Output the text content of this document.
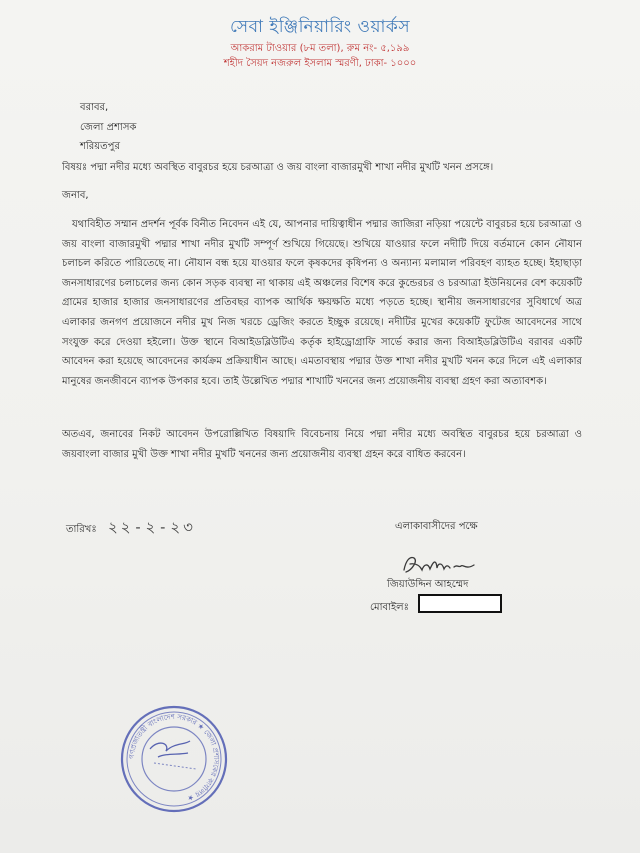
সেবা ইঞ্জিনিয়ারিং ওয়ার্কস
আকরাম টাওয়ার (৮ম তলা), রুম নং- ৫,১৯৯
শহীদ সৈয়দ নজরুল ইসলাম স্মরণী, ঢাকা- ১০০০
বরাবর,
জেলা প্রশাসক
শরিয়তপুর
বিষয়ঃ পদ্মা নদীর মধ্যে অবস্থিত বাবুরচর হয়ে চরআত্রা ও জয় বাংলা বাজারমুখী শাখা নদীর মুখটি খনন প্রসঙ্গে।
জনাব,
যথাবিহীত সম্মান প্রদর্শন পূর্বক বিনীত নিবেদন এই যে, আপনার দায়িত্বাধীন পদ্মার জাজিরা নড়িয়া পয়েন্টে বাবুরচর হয়ে চরআত্রা ও জয় বাংলা বাজারমুখী পদ্মার শাখা নদীর মুখটি সম্পূর্ণ শুখিয়ে গিয়েছে। শুখিয়ে যাওয়ার ফলে নদীটি দিয়ে বর্তমানে কোন নৌযান চলাচল করিতে পারিতেছে না। নৌযান বন্ধ হয়ে যাওয়ার ফলে কৃষকদের কৃষিপন্য ও অন্যান্য মলামাল পরিবহণ ব্যাহত হচ্ছে। ইহাছাড়া জনসাধারণের চলাচলের জন্য কোন সড়ক ব্যবস্থা না থাকায় এই অঞ্চলের বিশেষ করে কুন্ডেরচর ও চরআত্রা ইউনিয়নের বেশ কয়েকটি গ্রামের হাজার হাজার জনসাধারণের প্রতিবছর ব্যাপক আর্থিক ক্ষয়ক্ষতি মধ্যে পড়তে হচ্ছে। স্থানীয় জনসাধারণের সুবিধার্থে অত্র এলাকার জনগণ প্রয়োজনে নদীর মুখ নিজ খরচে ড্রেজিং করতে ইচ্ছুক রয়েছে। নদীটির মুখের কয়েকটি ফুটেজ আবেদনের সাথে সংযুক্ত করে দেওয়া হইলো। উক্ত স্থানে বিআইডব্লিউটিএ কর্তৃক হাইড্রোগ্রাফি সার্ভে করার জন্য বিআইডব্লিউটিএ বরাবর একটি আবেদন করা হয়েছে আবেদনের কার্যক্রম প্রক্রিয়াধীন আছে। এমতাবস্থায় পদ্মার উক্ত শাখা নদীর মুখটি খনন করে দিলে এই এলাকার মানুষের জনজীবনে ব্যাপক উপকার হবে। তাই উল্লেখিত পদ্মার শাখাটি খননের জন্য প্রয়োজনীয় ব্যবস্থা গ্রহণ করা অত্যাবশক।
অতএব, জনাবের নিকট আবেদন উপরোল্লিখিত বিষয়াদি বিবেচনায় নিয়ে পদ্মা নদীর মধ্যে অবস্থিত বাবুরচর হয়ে চরআত্রা ও জয়বাংলা বাজার মুখী উক্ত শাখা নদীর মুখটি খননের জন্য প্রয়োজনীয় ব্যবস্থা গ্রহন করে বাধিত করবেন।
তারিখঃ ২২-২-২৩	এলাকাবাসীদের পক্ষে
জিয়াউদ্দিন আহম্মেদ
মোবাইলঃ
গণপ্রজাতন্ত্রী বাংলাদেশ সরকার ★ জেলা প্রশাসকের কার্যালয় ★
